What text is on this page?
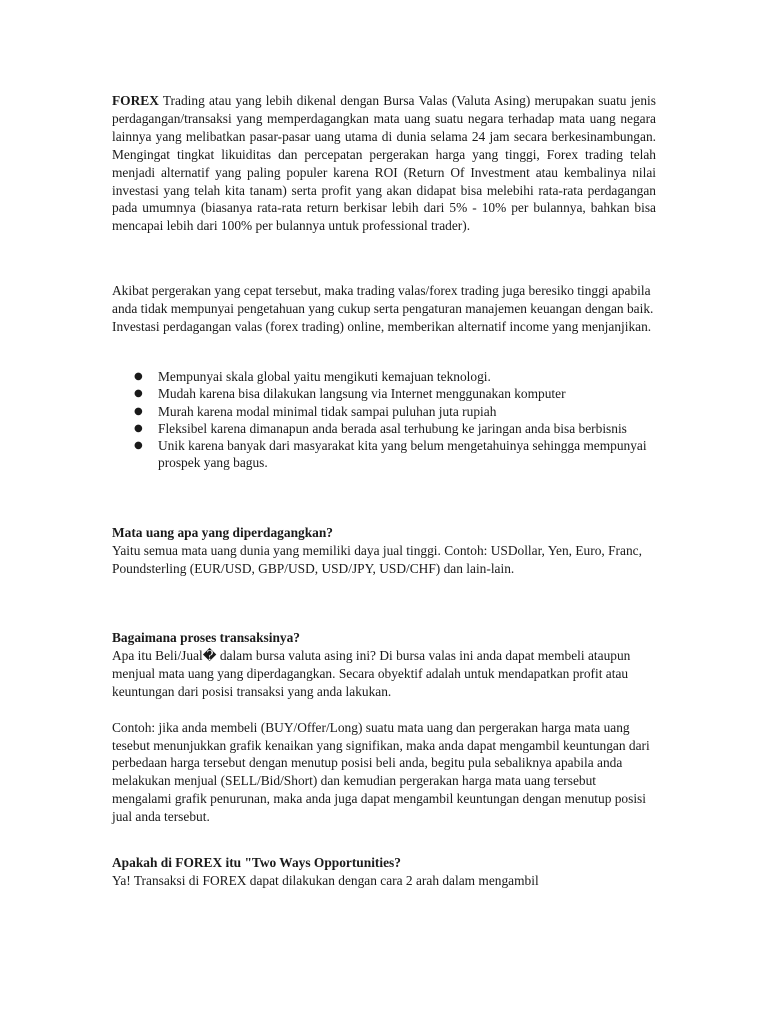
FOREX Trading atau yang lebih dikenal dengan Bursa Valas (Valuta Asing) merupakan suatu jenis perdagangan/transaksi yang memperdagangkan mata uang suatu negara terhadap mata uang negara lainnya yang melibatkan pasar-pasar uang utama di dunia selama 24 jam secara berkesinambungan. Mengingat tingkat likuiditas dan percepatan pergerakan harga yang tinggi, Forex trading telah menjadi alternatif yang paling populer karena ROI (Return Of Investment atau kembalinya nilai investasi yang telah kita tanam) serta profit yang akan didapat bisa melebihi rata-rata perdagangan pada umumnya (biasanya rata-rata return berkisar lebih dari 5% - 10% per bulannya, bahkan bisa mencapai lebih dari 100% per bulannya untuk professional trader).

Akibat pergerakan yang cepat tersebut, maka trading valas/forex trading juga beresiko tinggi apabila anda tidak mempunyai pengetahuan yang cukup serta pengaturan manajemen keuangan dengan baik. Investasi perdagangan valas (forex trading) online, memberikan alternatif income yang menjanjikan.

● Mempunyai skala global yaitu mengikuti kemajuan teknologi.
● Mudah karena bisa dilakukan langsung via Internet menggunakan komputer
● Murah karena modal minimal tidak sampai puluhan juta rupiah
● Fleksibel karena dimanapun anda berada asal terhubung ke jaringan anda bisa berbisnis
● Unik karena banyak dari masyarakat kita yang belum mengetahuinya sehingga mempunyai prospek yang bagus.

Mata uang apa yang diperdagangkan?

Yaitu semua mata uang dunia yang memiliki daya jual tinggi. Contoh: USDollar, Yen, Euro, Franc, Poundsterling (EUR/USD, GBP/USD, USD/JPY, USD/CHF) dan lain-lain.

Bagaimana proses transaksinya?

Apa itu Beli/Jual� dalam bursa valuta asing ini? Di bursa valas ini anda dapat membeli ataupun menjual mata uang yang diperdagangkan. Secara obyektif adalah untuk mendapatkan profit atau keuntungan dari posisi transaksi yang anda lakukan.

Contoh: jika anda membeli (BUY/Offer/Long) suatu mata uang dan pergerakan harga mata uang tesebut menunjukkan grafik kenaikan yang signifikan, maka anda dapat mengambil keuntungan dari perbedaan harga tersebut dengan menutup posisi beli anda, begitu pula sebaliknya apabila anda melakukan menjual (SELL/Bid/Short) dan kemudian pergerakan harga mata uang tersebut mengalami grafik penurunan, maka anda juga dapat mengambil keuntungan dengan menutup posisi jual anda tersebut.

Apakah di FOREX itu "Two Ways Opportunities?

Ya! Transaksi di FOREX dapat dilakukan dengan cara 2 arah dalam mengambil
